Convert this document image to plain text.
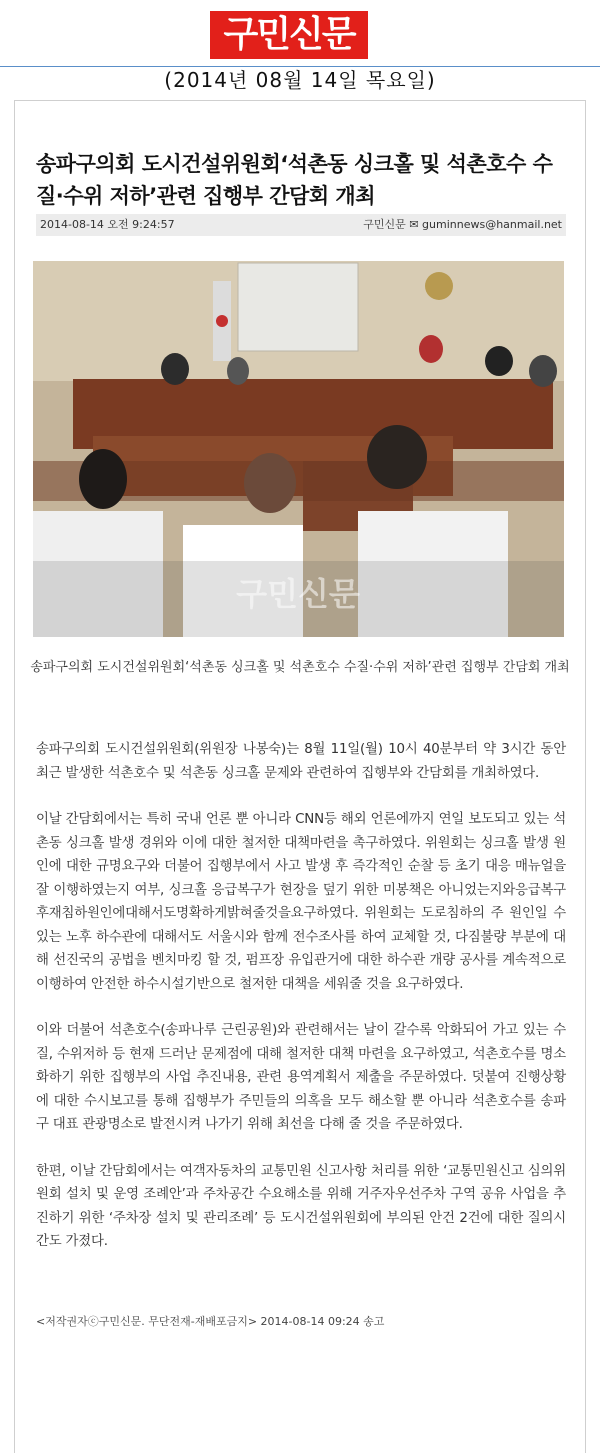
구민신문
(2014년 08월 14일 목요일)
송파구의회 도시건설위원회‘석촌동 싱크홀 및 석촌호수 수질·수위 저하’관련 집행부 간담회 개최
2014-08-14 오전 9:24:57	구민신문 ✉ guminnews@hanmail.net
구민신문
송파구의회 도시건설위원회‘석촌동 싱크홀 및 석촌호수 수질·수위 저하’관련 집행부 간담회 개최

송파구의회 도시건설위원회(위원장 나봉숙)는 8월 11일(월) 10시 40분부터 약 3시간 동안 최근 발생한 석촌호수 및 석촌동 싱크홀 문제와 관련하여 집행부와 간담회를 개최하였다.

이날 간담회에서는 특히 국내 언론 뿐 아니라 CNN등 해외 언론에까지 연일 보도되고 있는 석촌동 싱크홀 발생 경위와 이에 대한 철저한 대책마련을 촉구하였다. 위원회는 싱크홀 발생 원인에 대한 규명요구와 더불어 집행부에서 사고 발생 후 즉각적인 순찰 등 초기 대응 매뉴얼을 잘 이행하였는지 여부, 싱크홀 응급복구가 현장을 덮기 위한 미봉책은 아니었는지와응급복구후재침하원인에대해서도명확하게밝혀줄것을요구하였다. 위원회는 도로침하의 주 원인일 수 있는 노후 하수관에 대해서도 서울시와 함께 전수조사를 하여 교체할 것, 다짐불량 부분에 대해 선진국의 공법을 벤치마킹 할 것, 펌프장 유입관거에 대한 하수관 개량 공사를 계속적으로 이행하여 안전한 하수시설기반으로 철저한 대책을 세워줄 것을 요구하였다.

이와 더불어 석촌호수(송파나루 근린공원)와 관련해서는 날이 갈수록 악화되어 가고 있는 수질, 수위저하 등 현재 드러난 문제점에 대해 철저한 대책 마련을 요구하였고, 석촌호수를 명소화하기 위한 집행부의 사업 추진내용, 관련 용역계획서 제출을 주문하였다. 덧붙여 진행상황에 대한 수시보고를 통해 집행부가 주민들의 의혹을 모두 해소할 뿐 아니라 석촌호수를 송파구 대표 관광명소로 발전시켜 나가기 위해 최선을 다해 줄 것을 주문하였다.

한편, 이날 간담회에서는 여객자동차의 교통민원 신고사항 처리를 위한 ‘교통민원신고 심의위원회 설치 및 운영 조례안’과 주차공간 수요해소를 위해 거주자우선주차 구역 공유 사업을 추진하기 위한 ‘주차장 설치 및 관리조례’ 등 도시건설위원회에 부의된 안건 2건에 대한 질의시간도 가졌다.

<저작권자ⓒ구민신문. 무단전재-재배포금지> 2014-08-14 09:24 송고
